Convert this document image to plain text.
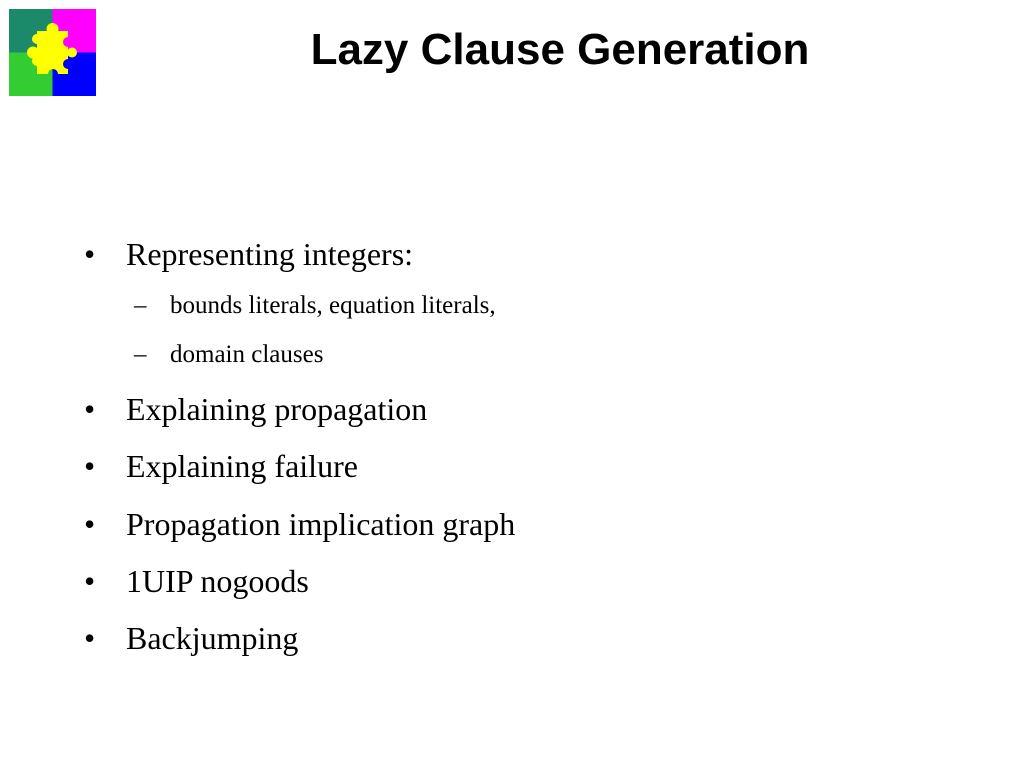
Lazy Clause Generation
• Representing integers:
– bounds literals, equation literals,
– domain clauses
• Explaining propagation
• Explaining failure
• Propagation implication graph
• 1UIP nogoods
• Backjumping
